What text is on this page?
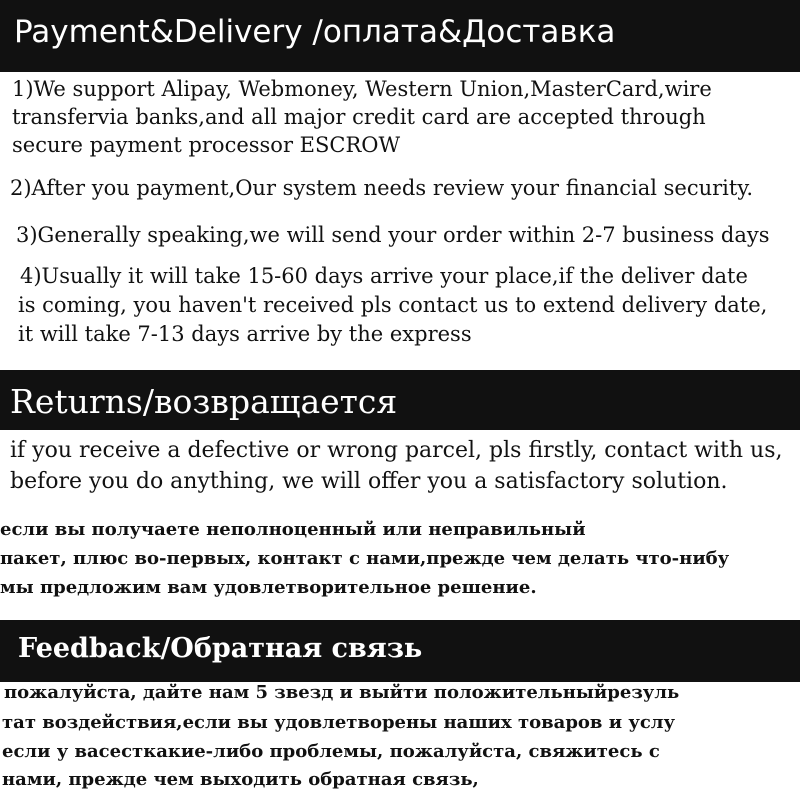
Payment&Delivery /оплата&Доставка
1)We support Alipay, Webmoney, Western Union,MasterCard,wire
transfervia banks,and all major credit card are accepted through
secure payment processor ESCROW
2)After you payment,Our system needs review your financial security.
3)Generally speaking,we will send your order within 2-7 business days
4)Usually it will take 15-60 days arrive your place,if the deliver date
is coming, you haven't received pls contact us to extend delivery date,
it will take 7-13 days arrive by the express
Returns/возвращается
if you receive a defective or wrong parcel, pls firstly, contact with us,
before you do anything, we will offer you a satisfactory solution.
если вы получаете неполноценный или неправильный
пакет, плюс во-первых, контакт с нами,прежде чем делать что-нибу
мы предложим вам удовлетворительное решение.
Feedback/Обратная связь
пожалуйста, дайте нам 5 звезд и выйти положительныйрезуль
тат воздействия,если вы удовлетворены наших товаров и услу
если у васесткакие-либо проблемы, пожалуйста, свяжитесь с
нами, прежде чем выходить обратная связь,
